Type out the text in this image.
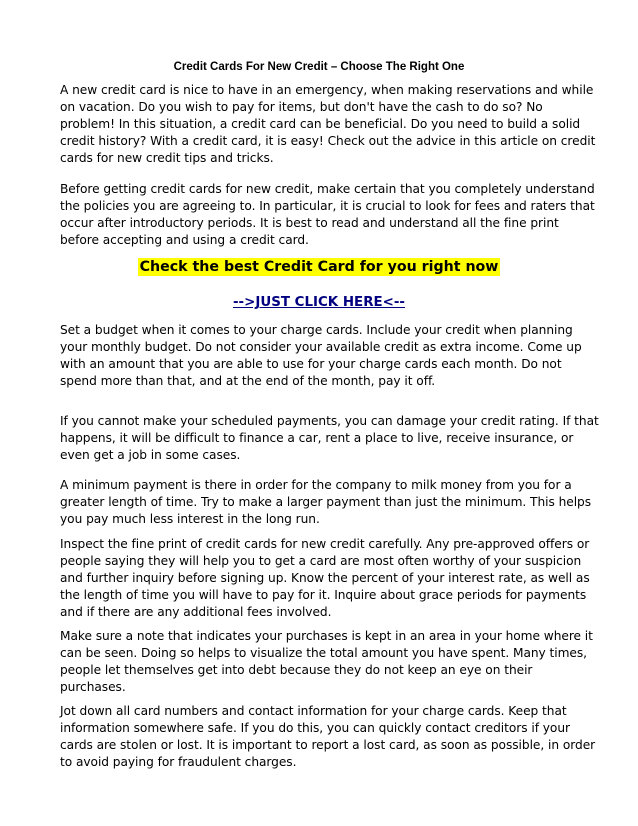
Credit Cards For New Credit – Choose The Right One

A new credit card is nice to have in an emergency, when making reservations and while on vacation. Do you wish to pay for items, but don't have the cash to do so? No problem! In this situation, a credit card can be beneficial. Do you need to build a solid credit history? With a credit card, it is easy! Check out the advice in this article on credit cards for new credit tips and tricks.

Before getting credit cards for new credit, make certain that you completely understand the policies you are agreeing to. In particular, it is crucial to look for fees and raters that occur after introductory periods. It is best to read and understand all the fine print before accepting and using a credit card.

Check the best Credit Card for you right now
-->JUST CLICK HERE<--

Set a budget when it comes to your charge cards. Include your credit when planning your monthly budget. Do not consider your available credit as extra income. Come up with an amount that you are able to use for your charge cards each month. Do not spend more than that, and at the end of the month, pay it off.

If you cannot make your scheduled payments, you can damage your credit rating. If that happens, it will be difficult to finance a car, rent a place to live, receive insurance, or even get a job in some cases.

A minimum payment is there in order for the company to milk money from you for a greater length of time. Try to make a larger payment than just the minimum. This helps you pay much less interest in the long run.

Inspect the fine print of credit cards for new credit carefully. Any pre-approved offers or people saying they will help you to get a card are most often worthy of your suspicion and further inquiry before signing up. Know the percent of your interest rate, as well as the length of time you will have to pay for it. Inquire about grace periods for payments and if there are any additional fees involved.

Make sure a note that indicates your purchases is kept in an area in your home where it can be seen. Doing so helps to visualize the total amount you have spent. Many times, people let themselves get into debt because they do not keep an eye on their purchases.

Jot down all card numbers and contact information for your charge cards. Keep that information somewhere safe. If you do this, you can quickly contact creditors if your cards are stolen or lost. It is important to report a lost card, as soon as possible, in order to avoid paying for fraudulent charges.
